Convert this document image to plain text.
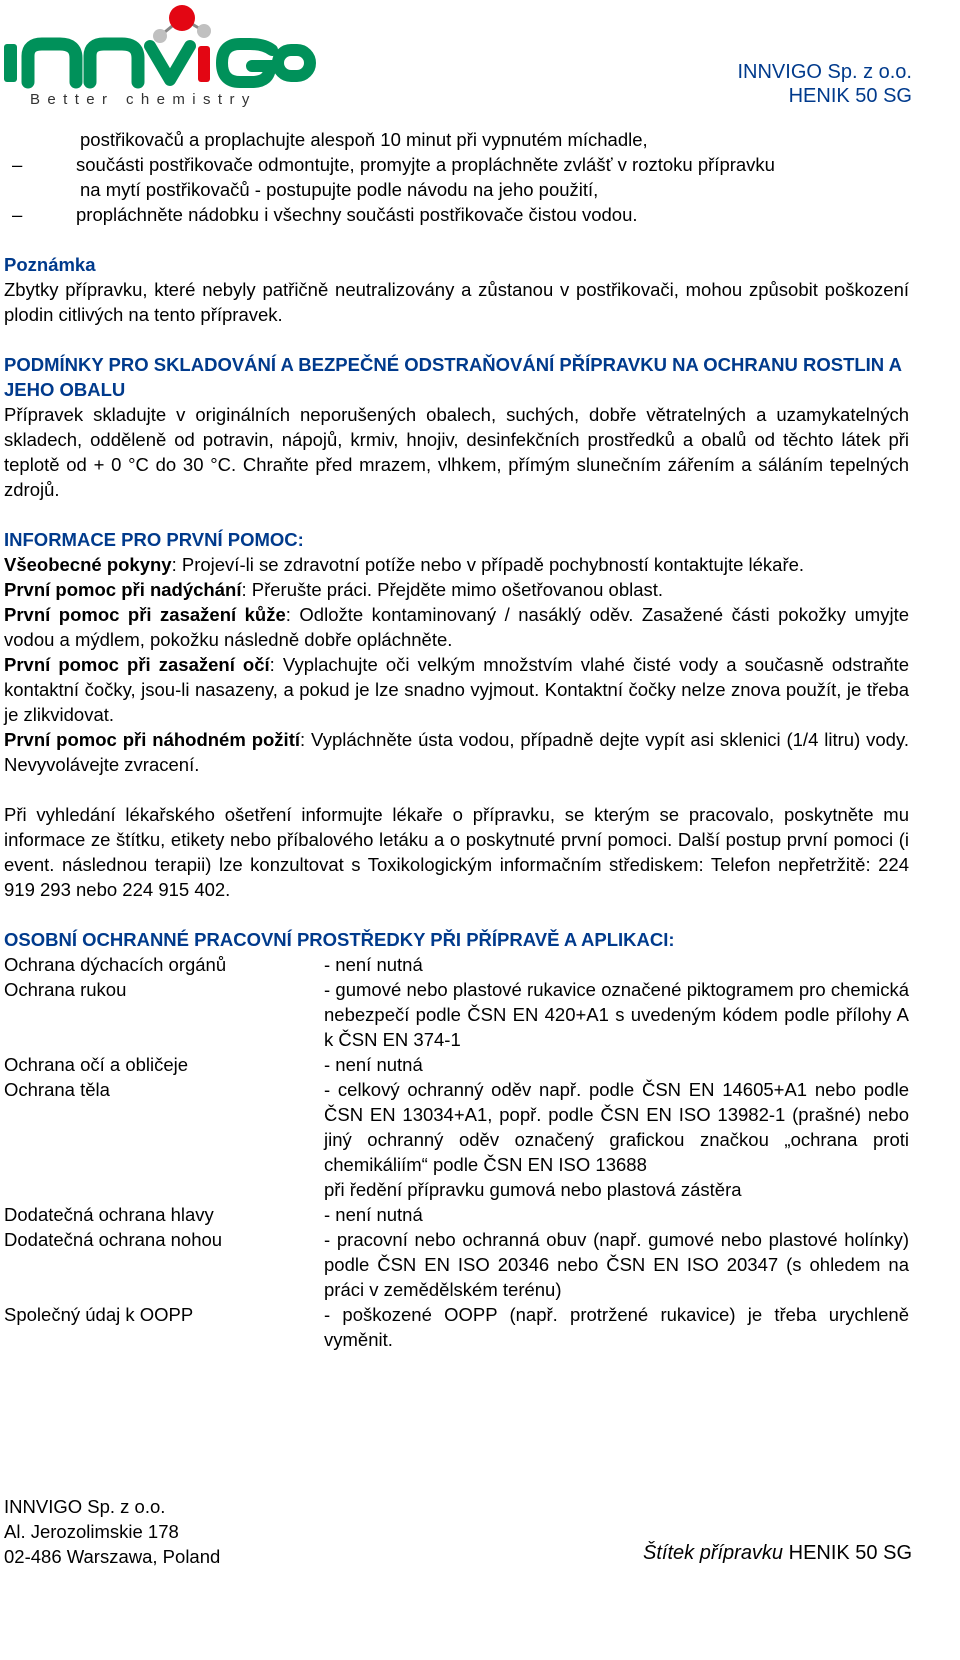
Better chemistry
INNVIGO Sp. z o.o.
HENIK 50 SG

postřikovačů a proplachujte alespoň 10 minut při vypnutém míchadle,

–	součásti postřikovače odmontujte, promyjte a propláchněte zvlášť v roztoku přípravku

na mytí postřikovačů - postupujte podle návodu na jeho použití,

–	propláchněte nádobku i všechny součásti postřikovače čistou vodou.

Poznámka

Zbytky přípravku, které nebyly patřičně neutralizovány a zůstanou v postřikovači, mohou způsobit poškození plodin citlivých na tento přípravek.

PODMÍNKY PRO SKLADOVÁNÍ A BEZPEČNÉ ODSTRAŇOVÁNÍ PŘÍPRAVKU NA OCHRANU ROSTLIN A JEHO OBALU

Přípravek skladujte v originálních neporušených obalech, suchých, dobře větratelných a uzamykatelných skladech, odděleně od potravin, nápojů, krmiv, hnojiv, desinfekčních prostředků a obalů od těchto látek při teplotě od + 0 °C do 30 °C. Chraňte před mrazem, vlhkem, přímým slunečním zářením a sáláním tepelných zdrojů.

INFORMACE PRO PRVNÍ POMOC:

Všeobecné pokyny: Projeví-li se zdravotní potíže nebo v případě pochybností kontaktujte lékaře.

První pomoc při nadýchání: Přerušte práci. Přejděte mimo ošetřovanou oblast.

První pomoc při zasažení kůže: Odložte kontaminovaný / nasáklý oděv. Zasažené části pokožky umyjte vodou a mýdlem, pokožku následně dobře opláchněte.

První pomoc při zasažení očí: Vyplachujte oči velkým množstvím vlahé čisté vody a současně odstraňte kontaktní čočky, jsou-li nasazeny, a pokud je lze snadno vyjmout. Kontaktní čočky nelze znova použít, je třeba je zlikvidovat.

První pomoc při náhodném požití: Vypláchněte ústa vodou, případně dejte vypít asi sklenici (1/4 litru) vody. Nevyvolávejte zvracení.

Při vyhledání lékařského ošetření informujte lékaře o přípravku, se kterým se pracovalo, poskytněte mu informace ze štítku, etikety nebo příbalového letáku a o poskytnuté první pomoci. Další postup první pomoci (i event. následnou terapii) lze konzultovat s Toxikologickým informačním střediskem: Telefon nepřetržitě: 224 919 293 nebo 224 915 402.

OSOBNÍ OCHRANNÉ PRACOVNÍ PROSTŘEDKY PŘI PŘÍPRAVĚ A APLIKACI:

Ochrana dýchacích orgánů	- není nutná
Ochrana rukou	- gumové nebo plastové rukavice označené piktogramem pro chemická nebezpečí podle ČSN EN 420+A1 s uvedeným kódem podle přílohy A k ČSN EN 374-1
Ochrana očí a obličeje	- není nutná
Ochrana těla	- celkový ochranný oděv např. podle ČSN EN 14605+A1 nebo podle ČSN EN 13034+A1, popř. podle ČSN EN ISO 13982-1 (prašné) nebo jiný ochranný oděv označený grafickou značkou „ochrana proti chemikáliím“ podle ČSN EN ISO 13688
při ředění přípravku gumová nebo plastová zástěra
Dodatečná ochrana hlavy	- není nutná
Dodatečná ochrana nohou	- pracovní nebo ochranná obuv (např. gumové nebo plastové holínky) podle ČSN EN ISO 20346 nebo ČSN EN ISO 20347 (s ohledem na práci v zemědělském terénu)
Společný údaj k OOPP	- poškozené OOPP (např. protržené rukavice) je třeba urychleně vyměnit.
INNVIGO Sp. z o.o.
Al. Jerozolimskie 178
02-486 Warszawa, Poland	Štítek přípravku HENIK 50 SG
